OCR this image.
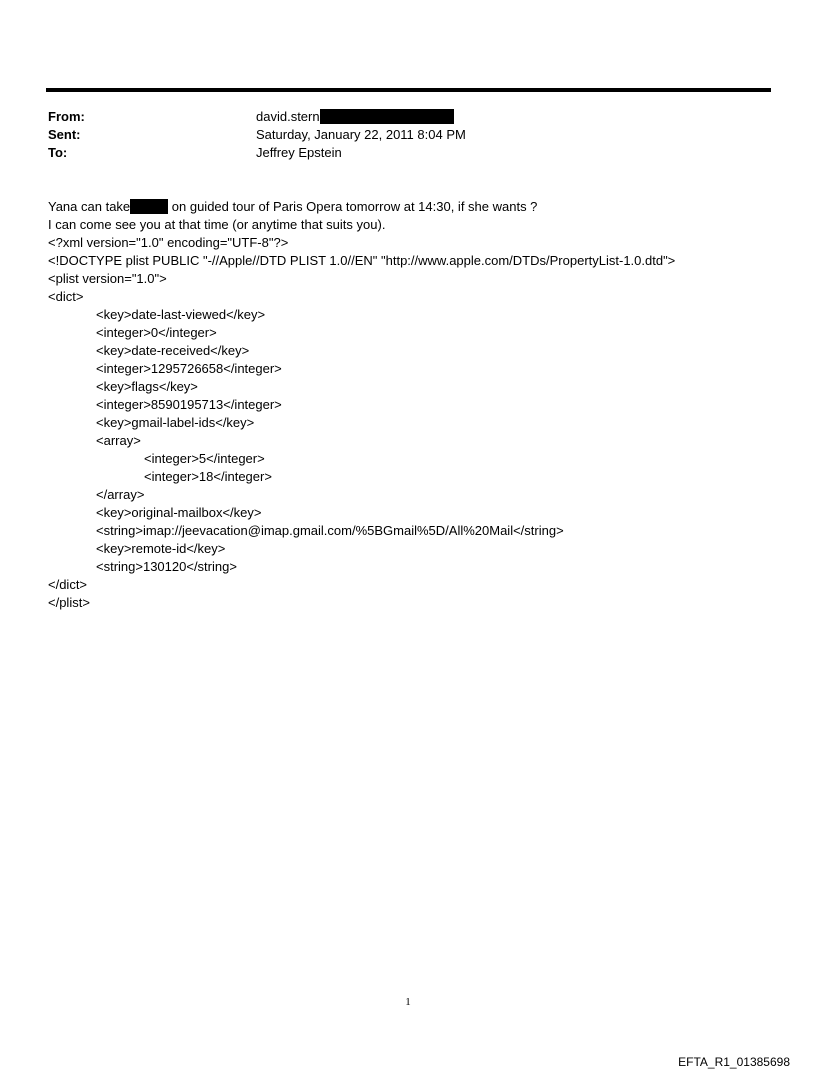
From:	david.stern
Sent:	Saturday, January 22, 2011 8:04 PM
To:	Jeffrey Epstein
Yana can take	on guided tour of Paris Opera tomorrow at 14:30, if she wants ?
I can come see you at that time (or anytime that suits you).
<?xml version="1.0" encoding="UTF-8"?>
<!DOCTYPE plist PUBLIC "-//Apple//DTD PLIST 1.0//EN" "http://www.apple.com/DTDs/PropertyList-1.0.dtd">
<plist version="1.0">
<dict>
<key>date-last-viewed</key>
<integer>0</integer>
<key>date-received</key>
<integer>1295726658</integer>
<key>flags</key>
<integer>8590195713</integer>
<key>gmail-label-ids</key>
<array>
<integer>5</integer>
<integer>18</integer>
</array>
<key>original-mailbox</key>
<string>imap://jeevacation@imap.gmail.com/%5BGmail%5D/All%20Mail</string>
<key>remote-id</key>
<string>130120</string>
</dict>
</plist>
1
EFTA_R1_01385698
